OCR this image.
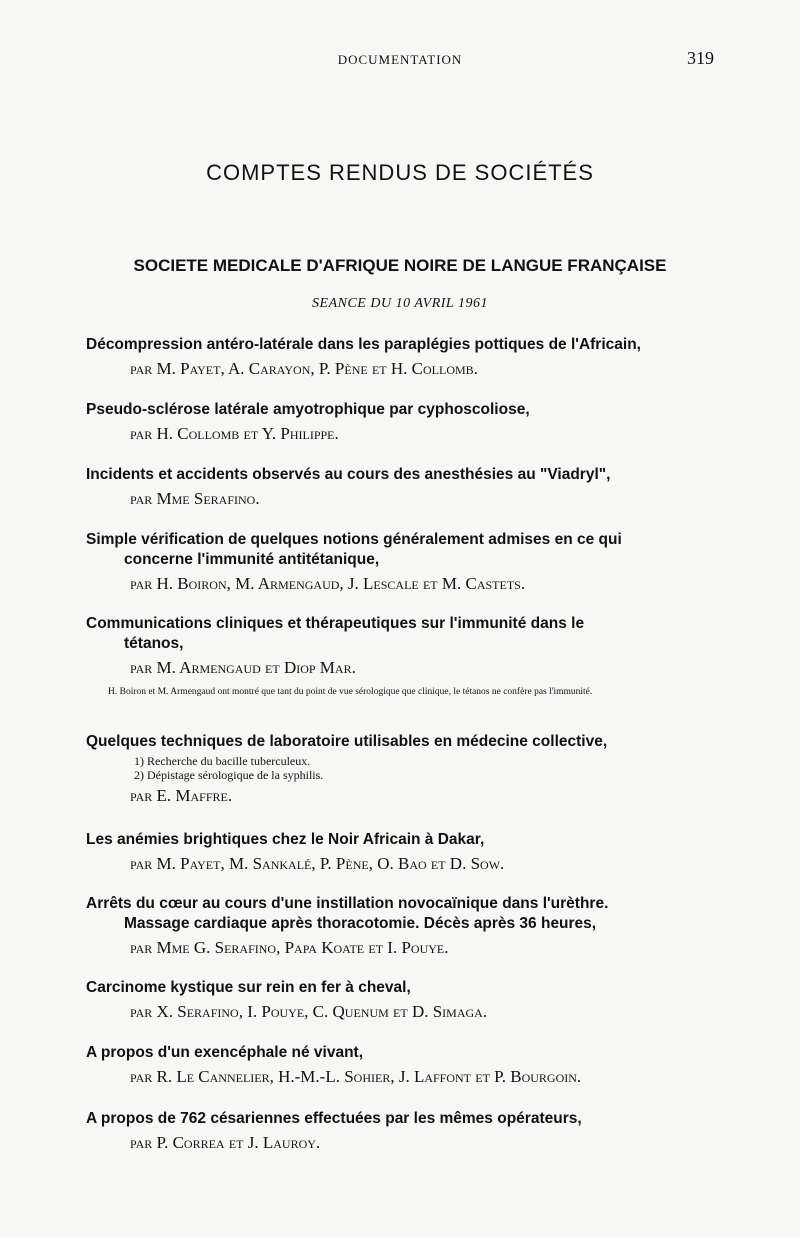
DOCUMENTATION	319
COMPTES RENDUS DE SOCIÉTÉS
SOCIETE MEDICALE D'AFRIQUE NOIRE DE LANGUE FRANÇAISE
SEANCE DU 10 AVRIL 1961
Décompression antéro-latérale dans les paraplégies pottiques de l'Africain,
par M. Payet, A. Carayon, P. Pène et H. Collomb.
Pseudo-sclérose latérale amyotrophique par cyphoscoliose,
par H. Collomb et Y. Philippe.
Incidents et accidents observés au cours des anesthésies au "Viadryl",
par Mme Serafino.
Simple vérification de quelques notions généralement admises en ce qui
concerne l'immunité antitétanique,
par H. Boiron, M. Armengaud, J. Lescale et M. Castets.
Communications cliniques et thérapeutiques sur l'immunité dans le
tétanos,
par M. Armengaud et Diop Mar.
H. Boiron et M. Armengaud ont montré que tant du point de vue sérologique que clinique, le tétanos ne confère pas l'immunité.
Quelques techniques de laboratoire utilisables en médecine collective,
1) Recherche du bacille tuberculeux.
2) Dépistage sérologique de la syphilis.
par E. Maffre.
Les anémies brightiques chez le Noir Africain à Dakar,
par M. Payet, M. Sankalé, P. Pène, O. Bao et D. Sow.
Arrêts du cœur au cours d'une instillation novocaïnique dans l'urèthre.
Massage cardiaque après thoracotomie. Décès après 36 heures,
par Mme G. Serafino, Papa Koate et I. Pouye.
Carcinome kystique sur rein en fer à cheval,
par X. Serafino, I. Pouye, C. Quenum et D. Simaga.
A propos d'un exencéphale né vivant,
par R. Le Cannelier, H.-M.-L. Sohier, J. Laffont et P. Bourgoin.
A propos de 762 césariennes effectuées par les mêmes opérateurs,
par P. Correa et J. Lauroy.
